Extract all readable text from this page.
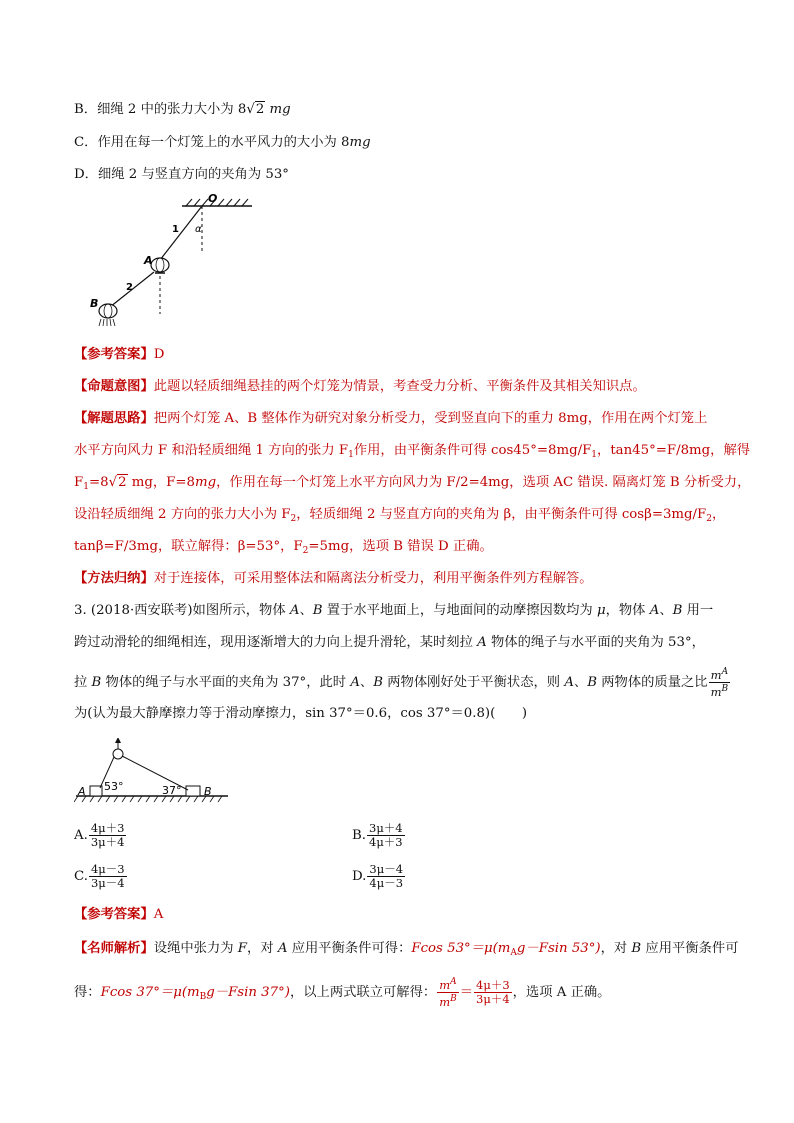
B．细绳 2 中的张力大小为 8√2 mg
C．作用在每一个灯笼上的水平风力的大小为 8mg
D．细绳 2 与竖直方向的夹角为 53°
O
α
1
A
2
B
【参考答案】D
【命题意图】此题以轻质细绳悬挂的两个灯笼为情景，考查受力分析、平衡条件及其相关知识点。
【解题思路】把两个灯笼 A、B 整体作为研究对象分析受力，受到竖直向下的重力 8mg，作用在两个灯笼上
水平方向风力 F 和沿轻质细绳 1 方向的张力 $F_1$作用，由平衡条件可得 $\cos 45^\circ=8mg/F_1$，tan45°=F/8mg，解得
$F_1=8√2$ mg，F=8mg，作用在每一个灯笼上水平方向风力为 F/2=4mg，选项 AC 错误. 隔离灯笼 B 分析受力，
设沿轻质细绳 2 方向的张力大小为 $F_2$，轻质细绳 2 与竖直方向的夹角为 β，由平衡条件可得 $\cos\beta=3mg/F_2$，
tanβ=F/3mg，联立解得：β=53°，$F_2=5mg$，选项 B 错误 D 正确。
【方法归纳】对于连接体，可采用整体法和隔离法分析受力，利用平衡条件列方程解答。
3. (2018·西安联考)如图所示，物体 A、B 置于水平地面上，与地面间的动摩擦因数均为 μ，物体 A、B 用一
跨过动滑轮的细绳相连，现用逐渐增大的力向上提升滑轮，某时刻拉 A 物体的绳子与水平面的夹角为 53°，
拉 B 物体的绳子与水平面的夹角为 37°，此时 A、B 两物体刚好处于平衡状态，则 A、B 两物体的质量之比 $\frac{m^A}{m^B}$
为(认为最大静摩擦力等于滑动摩擦力，sin 37°＝0.6，cos 37°＝0.8)(　　)
A	B
53°	37°
A. $\frac{4\mu+3}{3\mu+4}$	B. $\frac{3\mu+4}{4\mu+3}$
C. $\frac{4\mu-3}{3\mu-4}$	D. $\frac{3\mu-4}{4\mu-3}$
【参考答案】A
【名师解析】设绳中张力为 F，对 A 应用平衡条件可得：Fcos $53^\circ=\mu(m_Ag-Fsin$ 53°)，对 B 应用平衡条件可
得：Fcos $37^\circ=\mu(m_Bg-Fsin$ 37°)，以上两式联立可解得： $\frac{m^A}{m^B} = \frac{4\mu+3}{3\mu+4}$ ，选项 A 正确。
